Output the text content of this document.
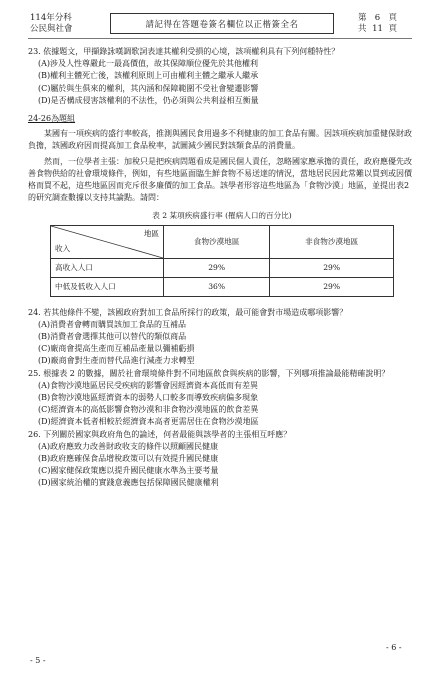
114年分科
公民與社會	請記得在答題卷簽名欄位以正楷簽全名
第 6 頁
共 11 頁

23. 依據題文，甲擷錄詠嘆調歌詞表達其權利受損的心境，該項權利具有下列何種特性？

(A)涉及人性尊嚴此一最高價值，故其保障順位優先於其他權利

(B)權利主體死亡後，該權利原則上可由權利主體之繼承人繼承

(C)屬於與生俱來的權利，其內涵和保障範圍不受社會變遷影響

(D)是否構成侵害該權利的不法性，仍必須與公共利益相互衡量

24-26為題組

某國有一項疾病的盛行率較高，推測與國民食用過多不利健康的加工食品有關。因該項疾病加重健保財政負擔，該國政府因而提高加工食品稅率，試圖減少國民對該類食品的消費量。

然而，一位學者主張：加稅只是把疾病問題看成是國民個人責任，忽略國家應承擔的責任，政府應優先改善食物供給的社會環境條件，例如，有些地區面臨生鮮食物不易送達的情況，當地居民因此常難以買到或因價格而買不起，這些地區因而充斥很多廉價的加工食品。該學者形容這些地區為「食物沙漠」地區，並提出表2的研究調查數據以支持其論點。請問：

表 2 某項疾病盛行率 (罹病人口的百分比)
地區
收入	食物沙漠地區	非食物沙漠地區
高收入人口	29%	29%
中低及低收入人口	36%	29%

24. 若其他條件不變，該國政府對加工食品所採行的政策，最可能會對市場造成哪項影響？

(A)消費者會轉而購買該加工食品的互補品

(B)消費者會選擇其他可以替代的類似商品

(C)廠商會提高生產而互補品產量以彌補虧損

(D)廠商會對生產而替代品進行減產力求轉型

25. 根據表 2 的數據，關於社會環境條件對不同地區飲食與疾病的影響，下列哪項推論最能精確說明？

(A)食物沙漠地區居民受疾病的影響會因經濟資本高低而有差異

(B)食物沙漠地區經濟資本的弱勢人口較多而導致疾病偏多現象

(C)經濟資本的高低影響食物沙漠和非食物沙漠地區的飲食差異

(D)經濟資本低者相較於經濟資本高者更需居住在食物沙漠地區

26. 下列關於國家與政府角色的論述，何者最能與該學者的主張相互呼應？

(A)政府應致力改善財政收支的條件以照顧國民健康

(B)政府應確保食品增稅政策可以有效提升國民健康

(C)國家健保政策應以提升國民健康水準為主要考量

(D)國家統治權的實踐意義應包括保障國民健康權利

- 6 -
- 5 -
